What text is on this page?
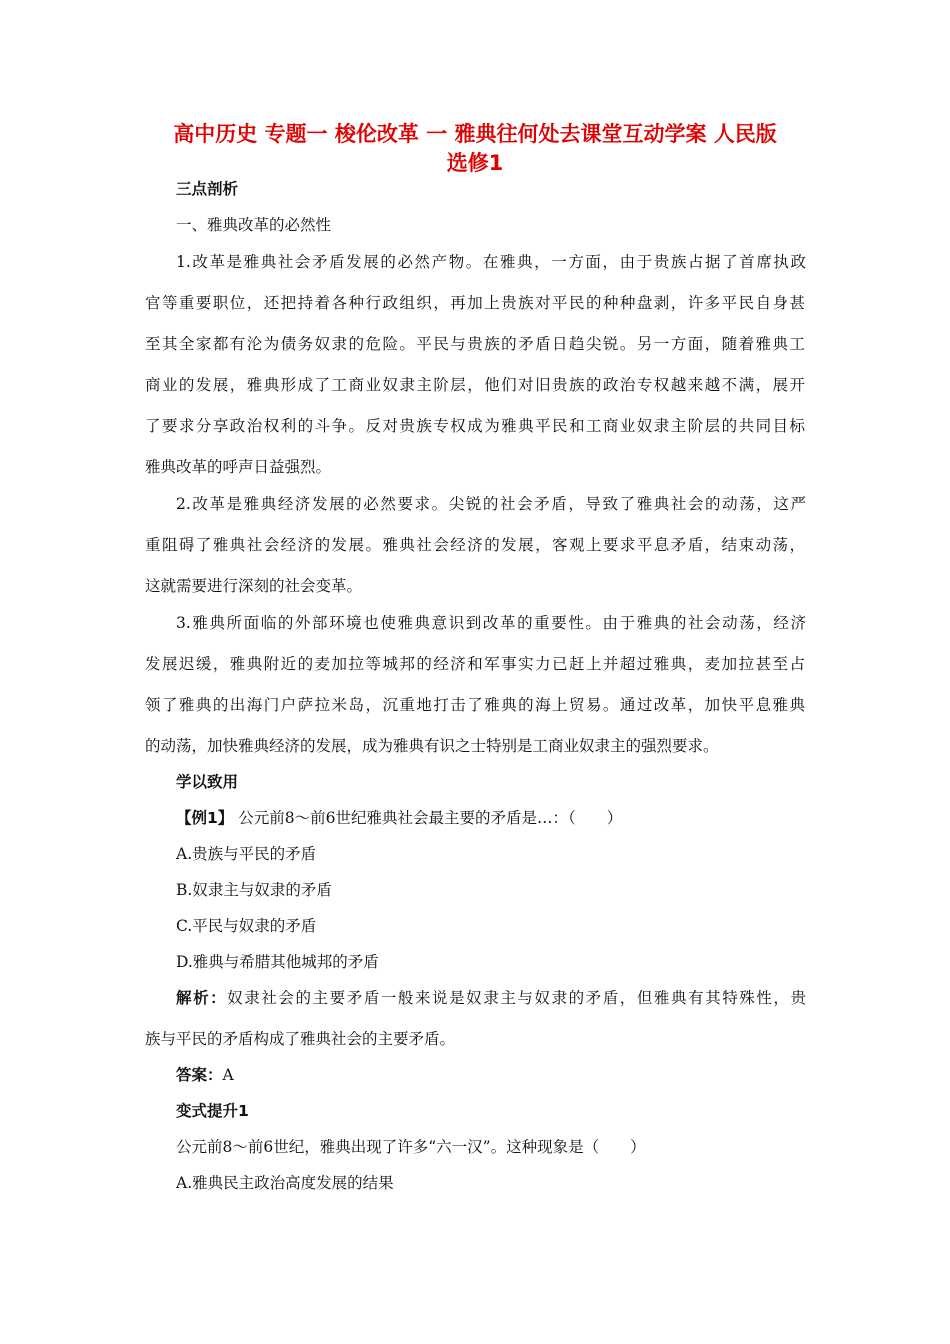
高中历史 专题一 梭伦改革 一 雅典往何处去课堂互动学案 人民版
选修1
三点剖析
一、雅典改革的必然性
1.改革是雅典社会矛盾发展的必然产物。在雅典，一方面，由于贵族占据了首席执政
官等重要职位，还把持着各种行政组织，再加上贵族对平民的种种盘剥，许多平民自身甚
至其全家都有沦为债务奴隶的危险。平民与贵族的矛盾日趋尖锐。另一方面，随着雅典工
商业的发展，雅典形成了工商业奴隶主阶层，他们对旧贵族的政治专权越来越不满，展开
了要求分享政治权利的斗争。反对贵族专权成为雅典平民和工商业奴隶主阶层的共同目标
雅典改革的呼声日益强烈。
2.改革是雅典经济发展的必然要求。尖锐的社会矛盾，导致了雅典社会的动荡，这严
重阻碍了雅典社会经济的发展。雅典社会经济的发展，客观上要求平息矛盾，结束动荡，
这就需要进行深刻的社会变革。
3.雅典所面临的外部环境也使雅典意识到改革的重要性。由于雅典的社会动荡，经济
发展迟缓，雅典附近的麦加拉等城邦的经济和军事实力已赶上并超过雅典，麦加拉甚至占
领了雅典的出海门户萨拉米岛，沉重地打击了雅典的海上贸易。通过改革，加快平息雅典
的动荡，加快雅典经济的发展，成为雅典有识之士特别是工商业奴隶主的强烈要求。
学以致用
【例1】 公元前8～前6世纪雅典社会最主要的矛盾是…：（　　）
A.贵族与平民的矛盾
B.奴隶主与奴隶的矛盾
C.平民与奴隶的矛盾
D.雅典与希腊其他城邦的矛盾
解析：奴隶社会的主要矛盾一般来说是奴隶主与奴隶的矛盾，但雅典有其特殊性，贵
族与平民的矛盾构成了雅典社会的主要矛盾。
答案：A
变式提升1
公元前8～前6世纪，雅典出现了许多“六一汉”。这种现象是（　　）
A.雅典民主政治高度发展的结果
